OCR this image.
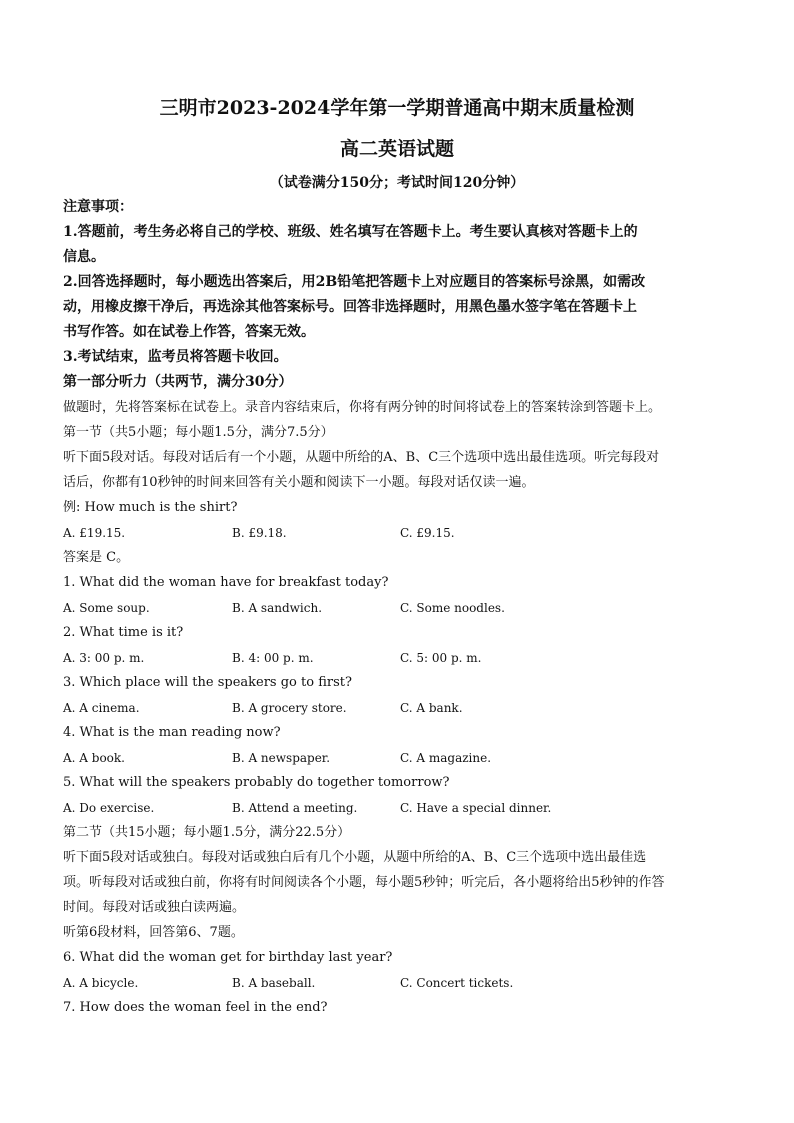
三明市2023-2024学年第一学期普通高中期末质量检测
高二英语试题
（试卷满分150分；考试时间120分钟）
注意事项：
1.答题前，考生务必将自己的学校、班级、姓名填写在答题卡上。考生要认真核对答题卡上的
信息。
2.回答选择题时，每小题选出答案后，用2B铅笔把答题卡上对应题目的答案标号涂黑，如需改
动，用橡皮擦干净后，再选涂其他答案标号。回答非选择题时，用黑色墨水签字笔在答题卡上
书写作答。如在试卷上作答，答案无效。
3.考试结束，监考员将答题卡收回。
第一部分听力（共两节，满分30分）
做题时，先将答案标在试卷上。录音内容结束后，你将有两分钟的时间将试卷上的答案转涂到答题卡上。
第一节（共5小题；每小题1.5分，满分7.5分）
听下面5段对话。每段对话后有一个小题，从题中所给的A、B、C三个选项中选出最佳选项。听完每段对
话后，你都有10秒钟的时间来回答有关小题和阅读下一小题。每段对话仅读一遍。
例: How much is the shirt?
A. £19.15.	B. £9.18.	C. £9.15.
答案是 C。
1. What did the woman have for breakfast today?
A. Some soup.	B. A sandwich.	C. Some noodles.
2. What time is it?
A. 3: 00 p. m.	B. 4: 00 p. m.	C. 5: 00 p. m.
3. Which place will the speakers go to first?
A. A cinema.	B. A grocery store.	C. A bank.
4. What is the man reading now?
A. A book.	B. A newspaper.	C. A magazine.
5. What will the speakers probably do together tomorrow?
A. Do exercise.	B. Attend a meeting.	C. Have a special dinner.
第二节（共15小题；每小题1.5分，满分22.5分）
听下面5段对话或独白。每段对话或独白后有几个小题，从题中所给的A、B、C三个选项中选出最佳选
项。听每段对话或独白前，你将有时间阅读各个小题，每小题5秒钟；听完后，各小题将给出5秒钟的作答
时间。每段对话或独白读两遍。
听第6段材料，回答第6、7题。
6. What did the woman get for birthday last year?
A. A bicycle.	B. A baseball.	C. Concert tickets.
7. How does the woman feel in the end?
